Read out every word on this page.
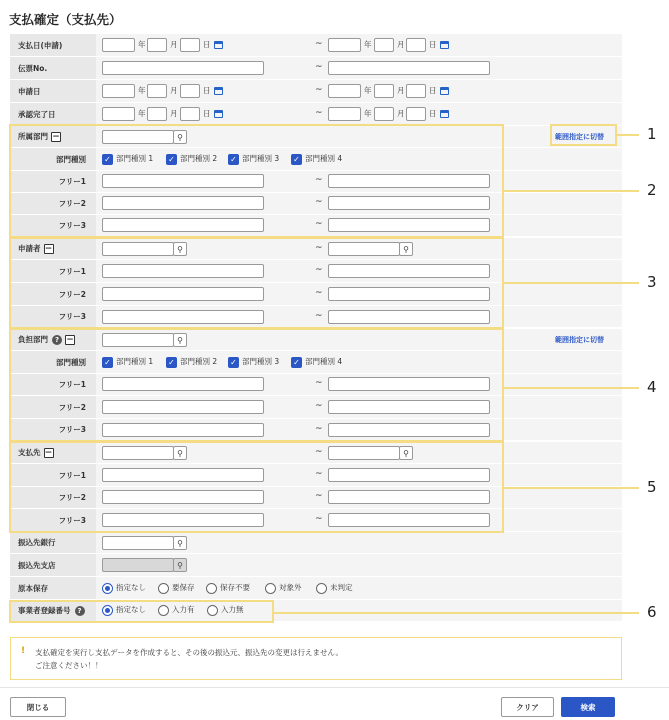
支払確定（支払先）
支払日(申請)	年	月	日	~	年	月	日
伝票No.	~
申請日	年	月	日	~	年	月	日
承認完了日	年	月	日	~	年	月	日
所属部門 −	⚲	範囲指定に切替
部門種別	✓ 部門種別 1 ✓ 部門種別 2 ✓ 部門種別 3 ✓ 部門種別 4
フリー1	~
フリー2	~
フリー3	~
申請者 −	⚲	~	⚲
フリー1	~
フリー2	~
フリー3	~
負担部門 ? −	⚲	範囲指定に切替
部門種別	✓ 部門種別 1 ✓ 部門種別 2 ✓ 部門種別 3 ✓ 部門種別 4
フリー1	~
フリー2	~
フリー3	~
支払先 −	⚲	~	⚲
フリー1	~
フリー2	~
フリー3	~
振込先銀行	⚲
振込先支店	⚲
原本保存	指定なし	要保存	保存不要	対象外	未判定
事業者登録番号 ?	指定なし	入力有	入力無
1
2
3
4
5
6
! 支払確定を実行し支払データを作成すると、その後の振込元、振込先の変更は行えません。
ご注意ください！！
閉じる	クリア	検索
